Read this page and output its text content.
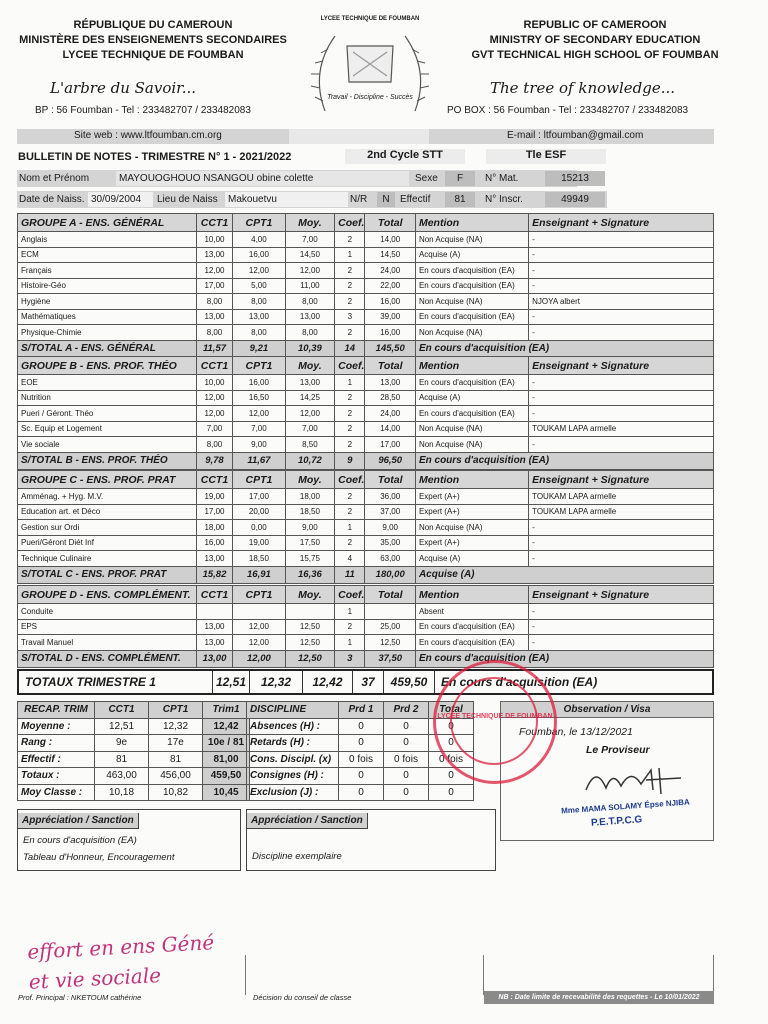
RÉPUBLIQUE DU CAMEROUN
MINISTÈRE DES ENSEIGNEMENTS SECONDAIRES
LYCEE TECHNIQUE DE FOUMBAN
REPUBLIC OF CAMEROON
MINISTRY OF SECONDARY EDUCATION
GVT TECHNICAL HIGH SCHOOL OF FOUMBAN
L'arbre du Savoir...	The tree of knowledge...
BP : 56 Foumban - Tel : 233482707 / 233482083	PO BOX : 56 Foumban - Tel : 233482707 / 233482083
LYCEE TECHNIQUE DE FOUMBAN
Travail - Discipline - Succès
Site web : www.ltfoumban.cm.org	E-mail : ltfoumban@gmail.com
BULLETIN DE NOTES - TRIMESTRE N° 1 - 2021/2022	2nd Cycle STT	Tle ESF
Nom et Prénom	MAYOUOGHOUO NSANGOU obine colette	Sexe	F	N° Mat.	15213
Date de Naiss. 30/09/2004	Lieu de Naiss	Makouetvu	N/R	N	Effectif	81	N° Inscr.	49949
GROUPE A - ENS. GÉNÉRAL	CCT1	CPT1	Moy.	Coef.	Total	Mention	Enseignant + Signature
Anglais	10,00	4,00	7,00	2	14,00	Non Acquise (NA)	-
ECM	13,00	16,00	14,50	1	14,50	Acquise (A)	-
Français	12,00	12,00	12,00	2	24,00	En cours d'acquisition (EA)	-
Histoire-Géo	17,00	5,00	11,00	2	22,00	En cours d'acquisition (EA)	-
Hygiène	8,00	8,00	8,00	2	16,00	Non Acquise (NA)	NJOYA albert
Mathématiques	13,00	13,00	13,00	3	39,00	En cours d'acquisition (EA)	-
Physique-Chimie	8,00	8,00	8,00	2	16,00	Non Acquise (NA)	-
S/TOTAL A - ENS. GÉNÉRAL	11,57	9,21	10,39	14	145,50	En cours d'acquisition (EA)	
GROUPE B - ENS. PROF. THÉO	CCT1	CPT1	Moy.	Coef.	Total	Mention	Enseignant + Signature
EOE	10,00	16,00	13,00	1	13,00	En cours d'acquisition (EA)	-
Nutrition	12,00	16,50	14,25	2	28,50	Acquise (A)	-
Pueri / Géront. Théo	12,00	12,00	12,00	2	24,00	En cours d'acquisition (EA)	-
Sc. Equip et Logement	7,00	7,00	7,00	2	14,00	Non Acquise (NA)	TOUKAM LAPA armelle
Vie sociale	8,00	9,00	8,50	2	17,00	Non Acquise (NA)	-
S/TOTAL B - ENS. PROF. THÉO	9,78	11,67	10,72	9	96,50	En cours d'acquisition (EA)	
GROUPE C - ENS. PROF. PRAT	CCT1	CPT1	Moy.	Coef.	Total	Mention	Enseignant + Signature
Amménag. + Hyg. M.V.	19,00	17,00	18,00	2	36,00	Expert (A+)	TOUKAM LAPA armelle
Education art. et Déco	17,00	20,00	18,50	2	37,00	Expert (A+)	TOUKAM LAPA armelle
Gestion sur Ordi	18,00	0,00	9,00	1	9,00	Non Acquise (NA)	-
Pueri/Géront Diét Inf	16,00	19,00	17,50	2	35,00	Expert (A+)	-
Technique Culinaire	13,00	18,50	15,75	4	63,00	Acquise (A)	-
S/TOTAL C - ENS. PROF. PRAT	15,82	16,91	16,36	11	180,00	Acquise (A)	
GROUPE D - ENS. COMPLÉMENT.	CCT1	CPT1	Moy.	Coef.	Total	Mention	Enseignant + Signature
Conduite				1		Absent	-
EPS	13,00	12,00	12,50	2	25,00	En cours d'acquisition (EA)	-
Travail Manuel	13,00	12,00	12,50	1	12,50	En cours d'acquisition (EA)	-
S/TOTAL D - ENS. COMPLÉMENT.	13,00	12,00	12,50	3	37,50	En cours d'acquisition (EA)	
TOTAUX TRIMESTRE 1	12,51	12,32	12,42	37	459,50	En cours d'acquisition (EA)
RECAP. TRIM	CCT1	CPT1	Trim1
Moyenne :	12,51	12,32	12,42
Rang :	9e	17e	10e / 81
Effectif :	81	81	81,00
Totaux :	463,00	456,00	459,50
Moy Classe :	10,18	10,82	10,45
DISCIPLINE	Prd 1	Prd 2	Total
Absences (H) :	0	0	0
Retards (H) :	0	0	0
Cons. Discipl. (x)	0 fois	0 fois	0 fois
Consignes (H) :	0	0	0
Exclusion (J) :	0	0	0
Observation / Visa
Foumban, le 13/12/2021
Le Proviseur
Mme MAMA SOLAMY Épse NJIBA
P.E.T.P.C.G
LYCEE TECHNIQUE DE FOUMBAN
Appréciation / Sanction
En cours d'acquisition (EA)
Tableau d'Honneur, Encouragement
Appréciation / Sanction
Discipline exemplaire
effort en ens Géné
et vie sociale
Prof. Principal : NKETOUM cathérine	Décision du conseil de classe	NB : Date limite de recevabilité des requettes - Le 10/01/2022
